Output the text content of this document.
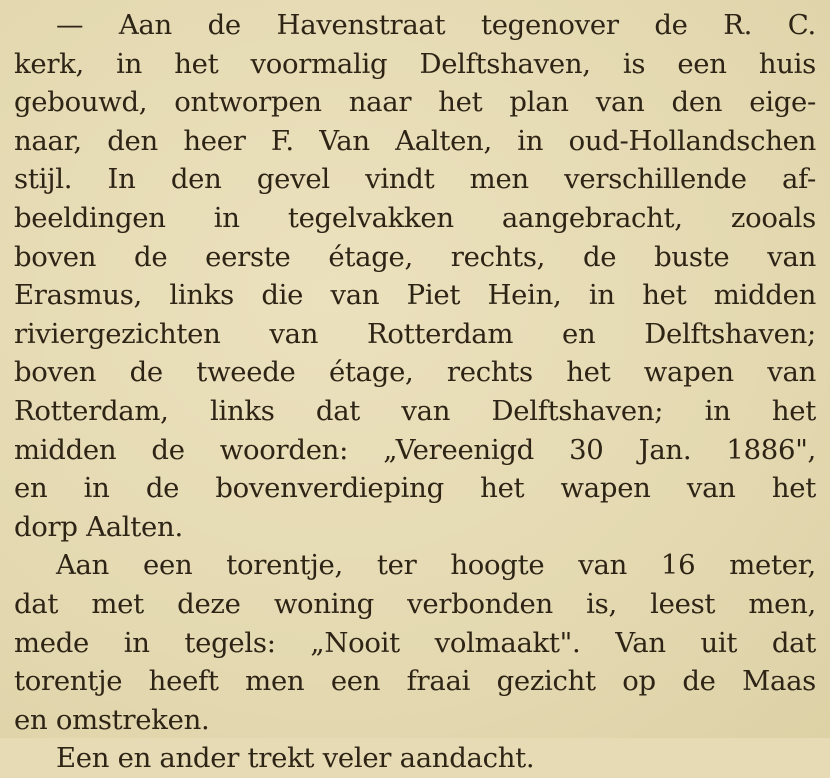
— Aan de Havenstraat tegenover de R. C.
kerk, in het voormalig Delftshaven, is een huis
gebouwd, ontworpen naar het plan van den eige-
naar, den heer F. Van Aalten, in oud-Hollandschen
stijl. In den gevel vindt men verschillende af-
beeldingen in tegelvakken aangebracht, zooals
boven de eerste étage, rechts, de buste van
Erasmus, links die van Piet Hein, in het midden
riviergezichten van Rotterdam en Delftshaven;
boven de tweede étage, rechts het wapen van
Rotterdam, links dat van Delftshaven; in het
midden de woorden: „Vereenigd 30 Jan. 1886",
en in de bovenverdieping het wapen van het
dorp Aalten.
Aan een torentje, ter hoogte van 16 meter,
dat met deze woning verbonden is, leest men,
mede in tegels: „Nooit volmaakt". Van uit dat
torentje heeft men een fraai gezicht op de Maas
en omstreken.
Een en ander trekt veler aandacht.
